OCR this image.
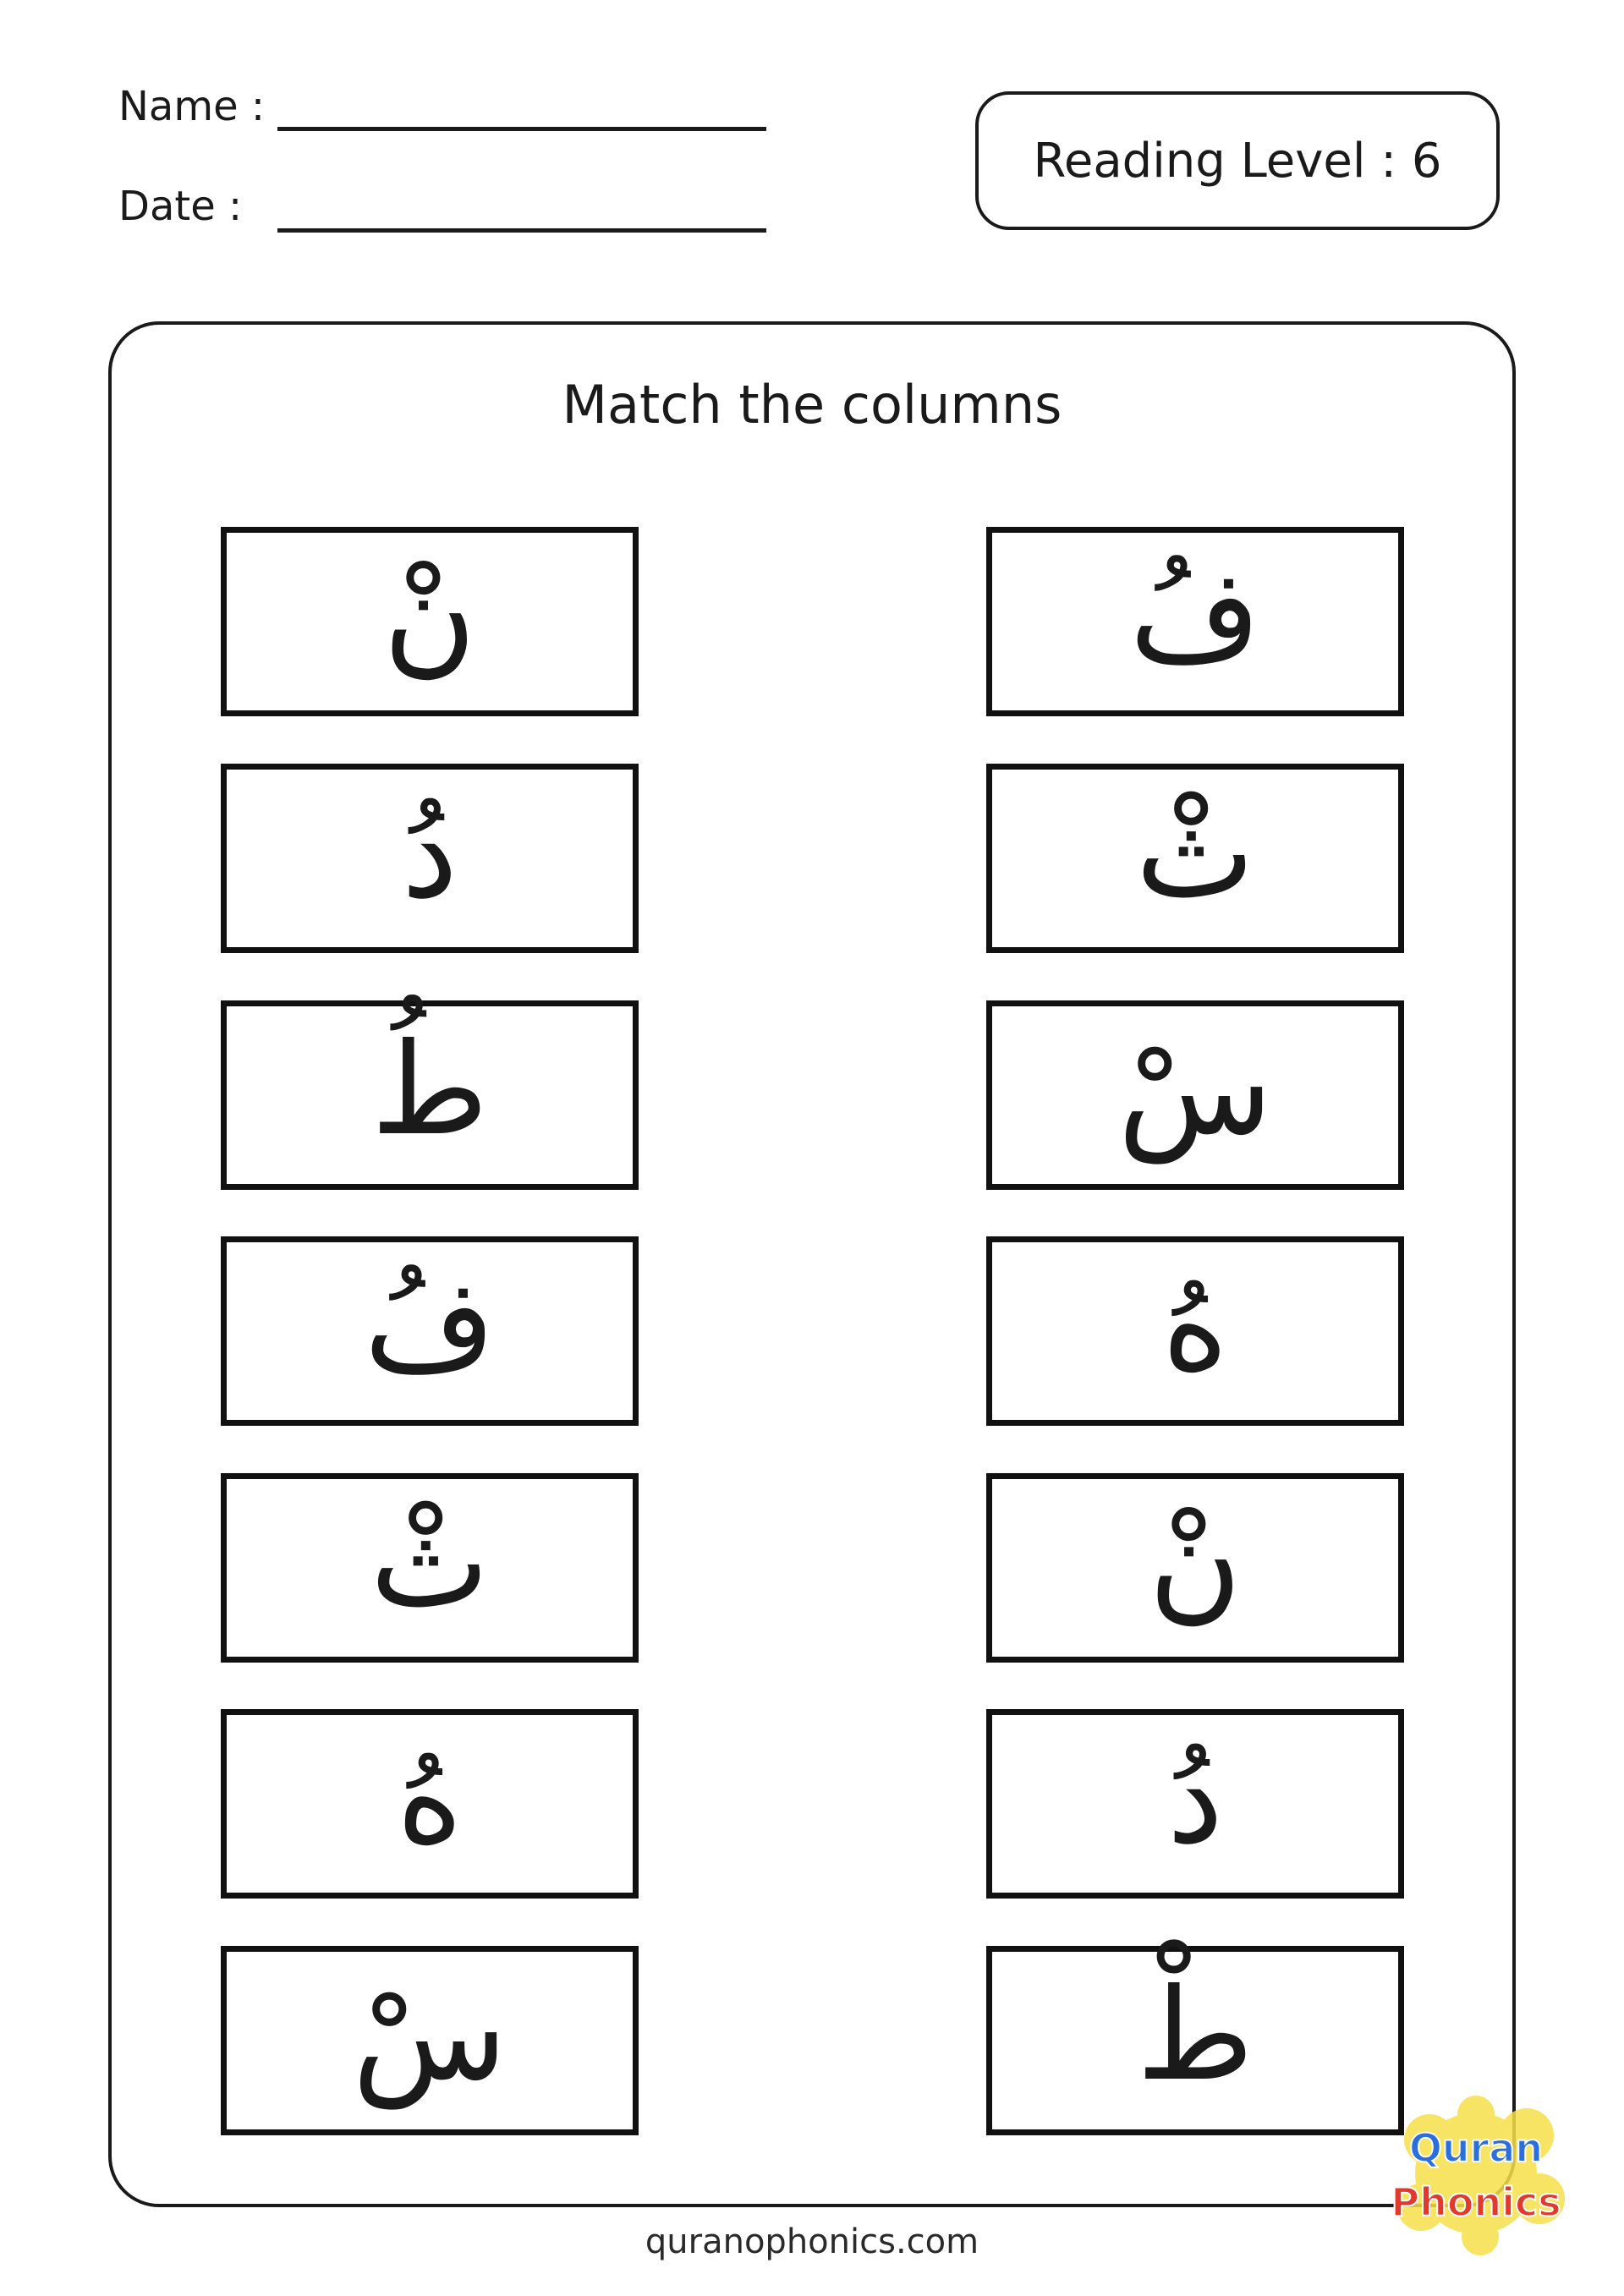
Name :
Date :
Reading Level : 6
Match the columns
نْ
دُ
طُ
فُ
ثْ
هُ
سْ
فُ
ثْ
سْ
هُ
نْ
دُ
طْ
quranophonics.com
Quran
Phonics
